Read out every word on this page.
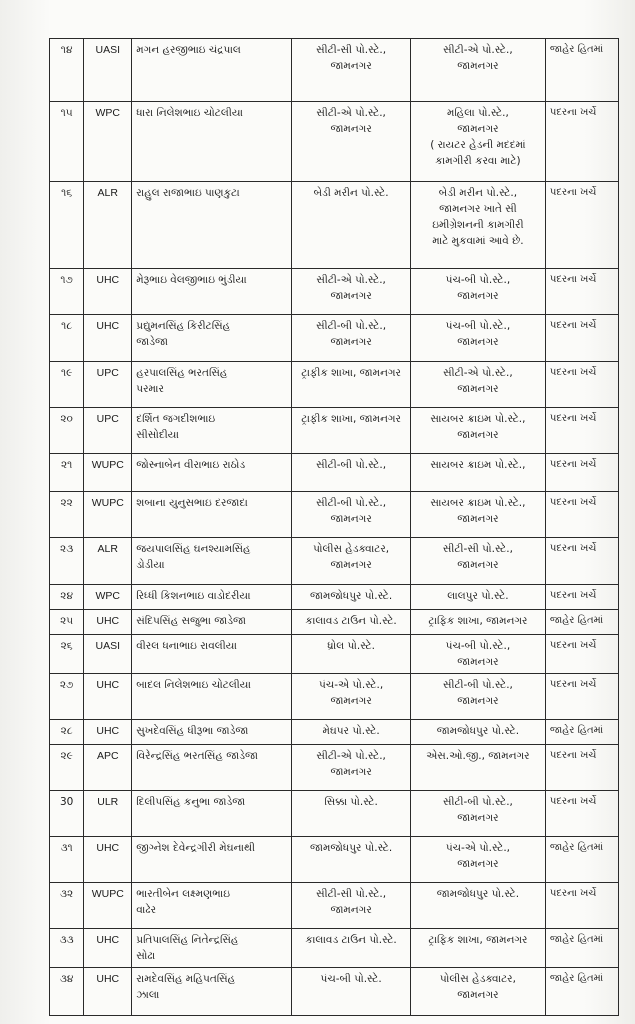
૧૪	UASI	મગન હરજીભાઇ ચંદ્રપાલ	સીટી-સી પો.સ્ટે.,
જામનગર	સીટી-એ પો.સ્ટે.,
જામનગર	જાહેર હિતમાં

૧૫	WPC	ધારા નિલેશભાઇ ચોટલીયા	સીટી-એ પો.સ્ટે.,
જામનગર	મહિલા પો.સ્ટે.,
જામનગર
( રાયટર હેડની મદદમાં
કામગીરી કરવા માટે)	પદરના ખર્ચે

૧૬	ALR	રાહુલ રાજાભાઇ પાણકુટા	બેડી મરીન પો.સ્ટે.	બેડી મરીન પો.સ્ટે.,
જામનગર ખાતે સી
ઇમીગ્રેશનની કામગીરી
માટે મુકવામાં આવે છે.	પદરના ખર્ચે

૧૭	UHC	મેરૂભાઇ વેલજીભાઇ ભુંડીયા	સીટી-એ પો.સ્ટે.,
જામનગર	પંચ-બી પો.સ્ટે.,
જામનગર	પદરના ખર્ચે

૧૮	UHC	પ્રદ્યુમનસિંહ કિરીટસિંહ
જાડેજા	સીટી-બી પો.સ્ટે.,
જામનગર	પંચ-બી પો.સ્ટે.,
જામનગર	પદરના ખર્ચે

૧૯	UPC	હરપાલસિંહ ભરતસિંહ
પરમાર	ટ્રાફીક શાખા, જામનગર	સીટી-એ પો.સ્ટે.,
જામનગર	પદરના ખર્ચે

૨૦	UPC	દર્શિત જગદીશભાઇ
સીસોદીયા	ટ્રાફીક શાખા, જામનગર	સાયબર ક્રાઇમ પો.સ્ટે.,
જામનગર	પદરના ખર્ચે

૨૧	WUPC	જોસ્નાબેન વીરાભાઇ રાઠોડ	સીટી-બી પો.સ્ટે.,	સાયબર ક્રાઇમ પો.સ્ટે.,	પદરના ખર્ચે

૨૨	WUPC	શબાના યુનુસભાઇ દરજાદા	સીટી-બી પો.સ્ટે.,
જામનગર	સાયબર ક્રાઇમ પો.સ્ટે.,
જામનગર	પદરના ખર્ચે

૨૩	ALR	જયપાલસિંહ ઘનશ્યામસિંહ
ડોડીયા	પોલીસ હેડક્વાટર,
જામનગર	સીટી-સી પો.સ્ટે.,
જામનગર	પદરના ખર્ચે

૨૪	WPC	રિધ્ધી કિશનભાઇ વાડોદરીયા	જામજોધપુર પો.સ્ટે.	લાલપુર પો.સ્ટે.	પદરના ખર્ચે

૨૫	UHC	સંદિપસિંહ સજુભા જાડેજા	કાલાવડ ટાઉન પો.સ્ટે.	ટ્રાફિક શાખા, જામનગર	જાહેર હિતમાં

૨૬	UASI	વીરલ ધનાભાઇ રાવલીયા	ધ્રોલ પો.સ્ટે.	પંચ-બી પો.સ્ટે.,
જામનગર	પદરના ખર્ચે

૨૭	UHC	બાદલ નિલેશભાઇ ચોટલીયા	પંચ-એ પો.સ્ટે.,
જામનગર	સીટી-બી પો.સ્ટે.,
જામનગર	પદરના ખર્ચે

૨૮	UHC	સુખદેવસિંહ ધીરૂભા જાડેજા	મેઘપર પો.સ્ટે.	જામજોધપુર પો.સ્ટે.	જાહેર હિતમાં

૨૯	APC	વિરેન્દ્રસિંહ ભરતસિંહ જાડેજા	સીટી-એ પો.સ્ટે.,
જામનગર	એસ.ઓ.જી., જામનગર	પદરના ખર્ચે

30	ULR	દિલીપસિંહ કનુભા જાડેજા	સિક્કા પો.સ્ટે.	સીટી-બી પો.સ્ટે.,
જામનગર	પદરના ખર્ચે

૩૧	UHC	જીગ્નેશ દેવેન્દ્રગીરી મેઘનાથી	જામજોધપુર પો.સ્ટે.	પંચ-એ પો.સ્ટે.,
જામનગર	જાહેર હિતમાં

૩૨	WUPC	ભારતીબેન લક્ષ્મણભાઇ
વાઢેર	સીટી-સી પો.સ્ટે.,
જામનગર	જામજોધપુર પો.સ્ટે.	પદરના ખર્ચે

૩૩	UHC	પ્રતિપાલસિંહ નિતેન્દ્રસિંહ
સોઢા	કાલાવડ ટાઉન પો.સ્ટે.	ટ્રાફિક શાખા, જામનગર	જાહેર હિતમાં

૩૪	UHC	રામદેવસિંહ મહિપતસિંહ
ઝાલા	પંચ-બી પો.સ્ટે.	પોલીસ હેડક્વાટર,
જામનગર	જાહેર હિતમાં
